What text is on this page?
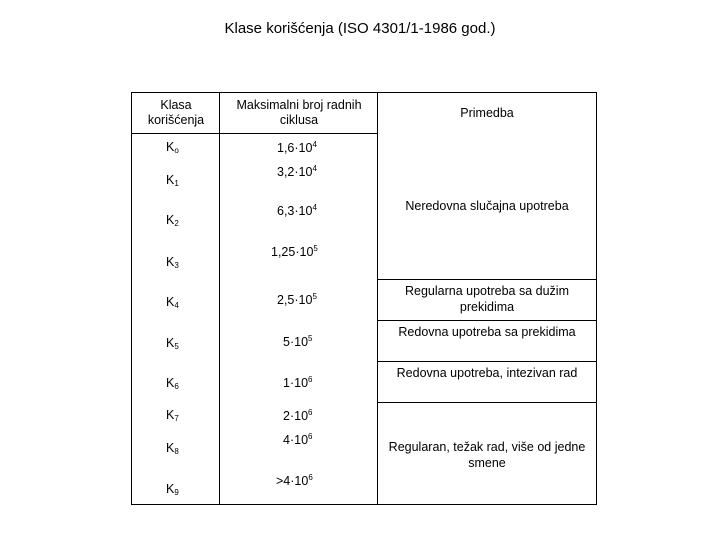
Klase korišćenja (ISO 4301/1-1986 god.)
Klasa korišćenja
Maksimalni broj radnih ciklusa
Primedba
$K_o$
$K_1$
$K_2$
$K_3$
$K_4$
$K_5$
$K_6$
$K_7$
$K_8$
$K_9$
$1,6\cdot 10^4$
$3,2\cdot 10^4$
$6,3\cdot 10^4$
$1,25\cdot 10^5$
$2,5\cdot 10^5$
$5\cdot 10^5$
$1\cdot 10^6$
$2\cdot 10^6$
$4\cdot 10^6$
$>4\cdot 10^6$
Neredovna slučajna upotreba
Regularna upotreba sa dužim prekidima
Redovna upotreba sa prekidima
Redovna upotreba, intezivan rad
Regularan, težak rad, više od jedne smene
